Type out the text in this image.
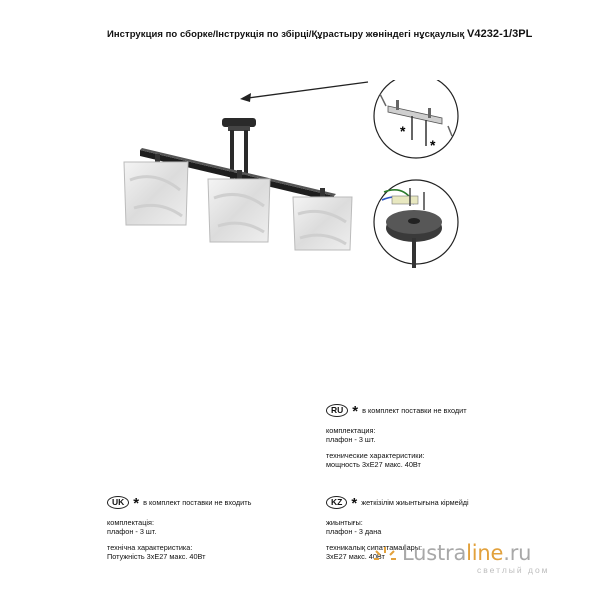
Инструкция по сборке/Інструкція по збірці/Құрастыру жөніндегі нұсқаулық V4232-1/3PL
*
*
RU * в комплект поставки не входит

комплектация:

плафон - 3 шт.

технические характеристики:

мощность 3хЕ27 макс. 40Вт

UK * в комплект поставки не входить

комплектація:

плафон - 3 шт.

технічна характеристика:

Потужність 3хЕ27 макс. 40Вт

KZ * жеткізілім жиынтығына кірмейді

жиынтығы:

плафон - 3 дана

техникалық сипаттамалары:

3хЕ27 макс. 40Вт Lustraline.ru
светлый дом
